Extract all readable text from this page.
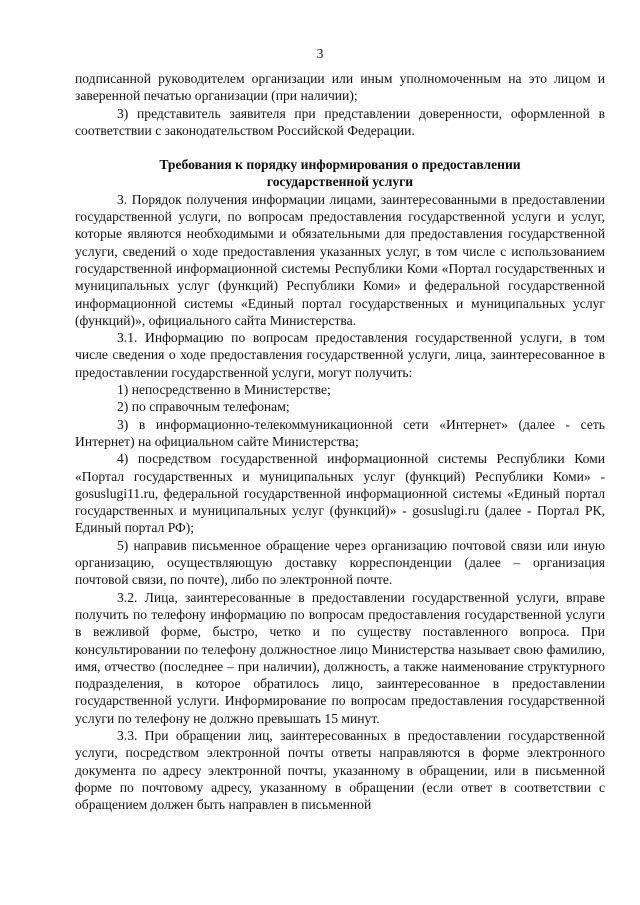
3

подписанной руководителем организации или иным уполномоченным на это лицом и заверенной печатью организации (при наличии);

3) представитель заявителя при представлении доверенности, оформленной в соответствии с законодательством Российской Федерации.

Требования к порядку информирования о предоставлении
государственной услуги

3. Порядок получения информации лицами, заинтересованными в предоставлении государственной услуги, по вопросам предоставления государственной услуги и услуг, которые являются необходимыми и обязательными для предоставления государственной услуги, сведений о ходе предоставления указанных услуг, в том числе с использованием государственной информационной системы Республики Коми «Портал государственных и муниципальных услуг (функций) Республики Коми» и федеральной государственной информационной системы «Единый портал государственных и муниципальных услуг (функций)», официального сайта Министерства.

3.1. Информацию по вопросам предоставления государственной услуги, в том числе сведения о ходе предоставления государственной услуги, лица, заинтересованное в предоставлении государственной услуги, могут получить:

1) непосредственно в Министерстве;

2) по справочным телефонам;

3) в информационно-телекоммуникационной сети «Интернет» (далее - сеть Интернет) на официальном сайте Министерства;

4) посредством государственной информационной системы Республики Коми «Портал государственных и муниципальных услуг (функций) Республики Коми» - gosuslugi11.ru, федеральной государственной информационной системы «Единый портал государственных и муниципальных услуг (функций)» - gosuslugi.ru (далее - Портал РК, Единый портал РФ);

5) направив письменное обращение через организацию почтовой связи или иную организацию, осуществляющую доставку корреспонденции (далее – организация почтовой связи, по почте), либо по электронной почте.

3.2. Лица, заинтересованные в предоставлении государственной услуги, вправе получить по телефону информацию по вопросам предоставления государственной услуги в вежливой форме, быстро, четко и по существу поставленного вопроса. При консультировании по телефону должностное лицо Министерства называет свою фамилию, имя, отчество (последнее – при наличии), должность, а также наименование структурного подразделения, в которое обратилось лицо, заинтересованное в предоставлении государственной услуги. Информирование по вопросам предоставления государственной услуги по телефону не должно превышать 15 минут.

3.3. При обращении лиц, заинтересованных в предоставлении государственной услуги, посредством электронной почты ответы направляются в форме электронного документа по адресу электронной почты, указанному в обращении, или в письменной форме по почтовому адресу, указанному в обращении (если ответ в соответствии с обращением должен быть направлен в письменной
